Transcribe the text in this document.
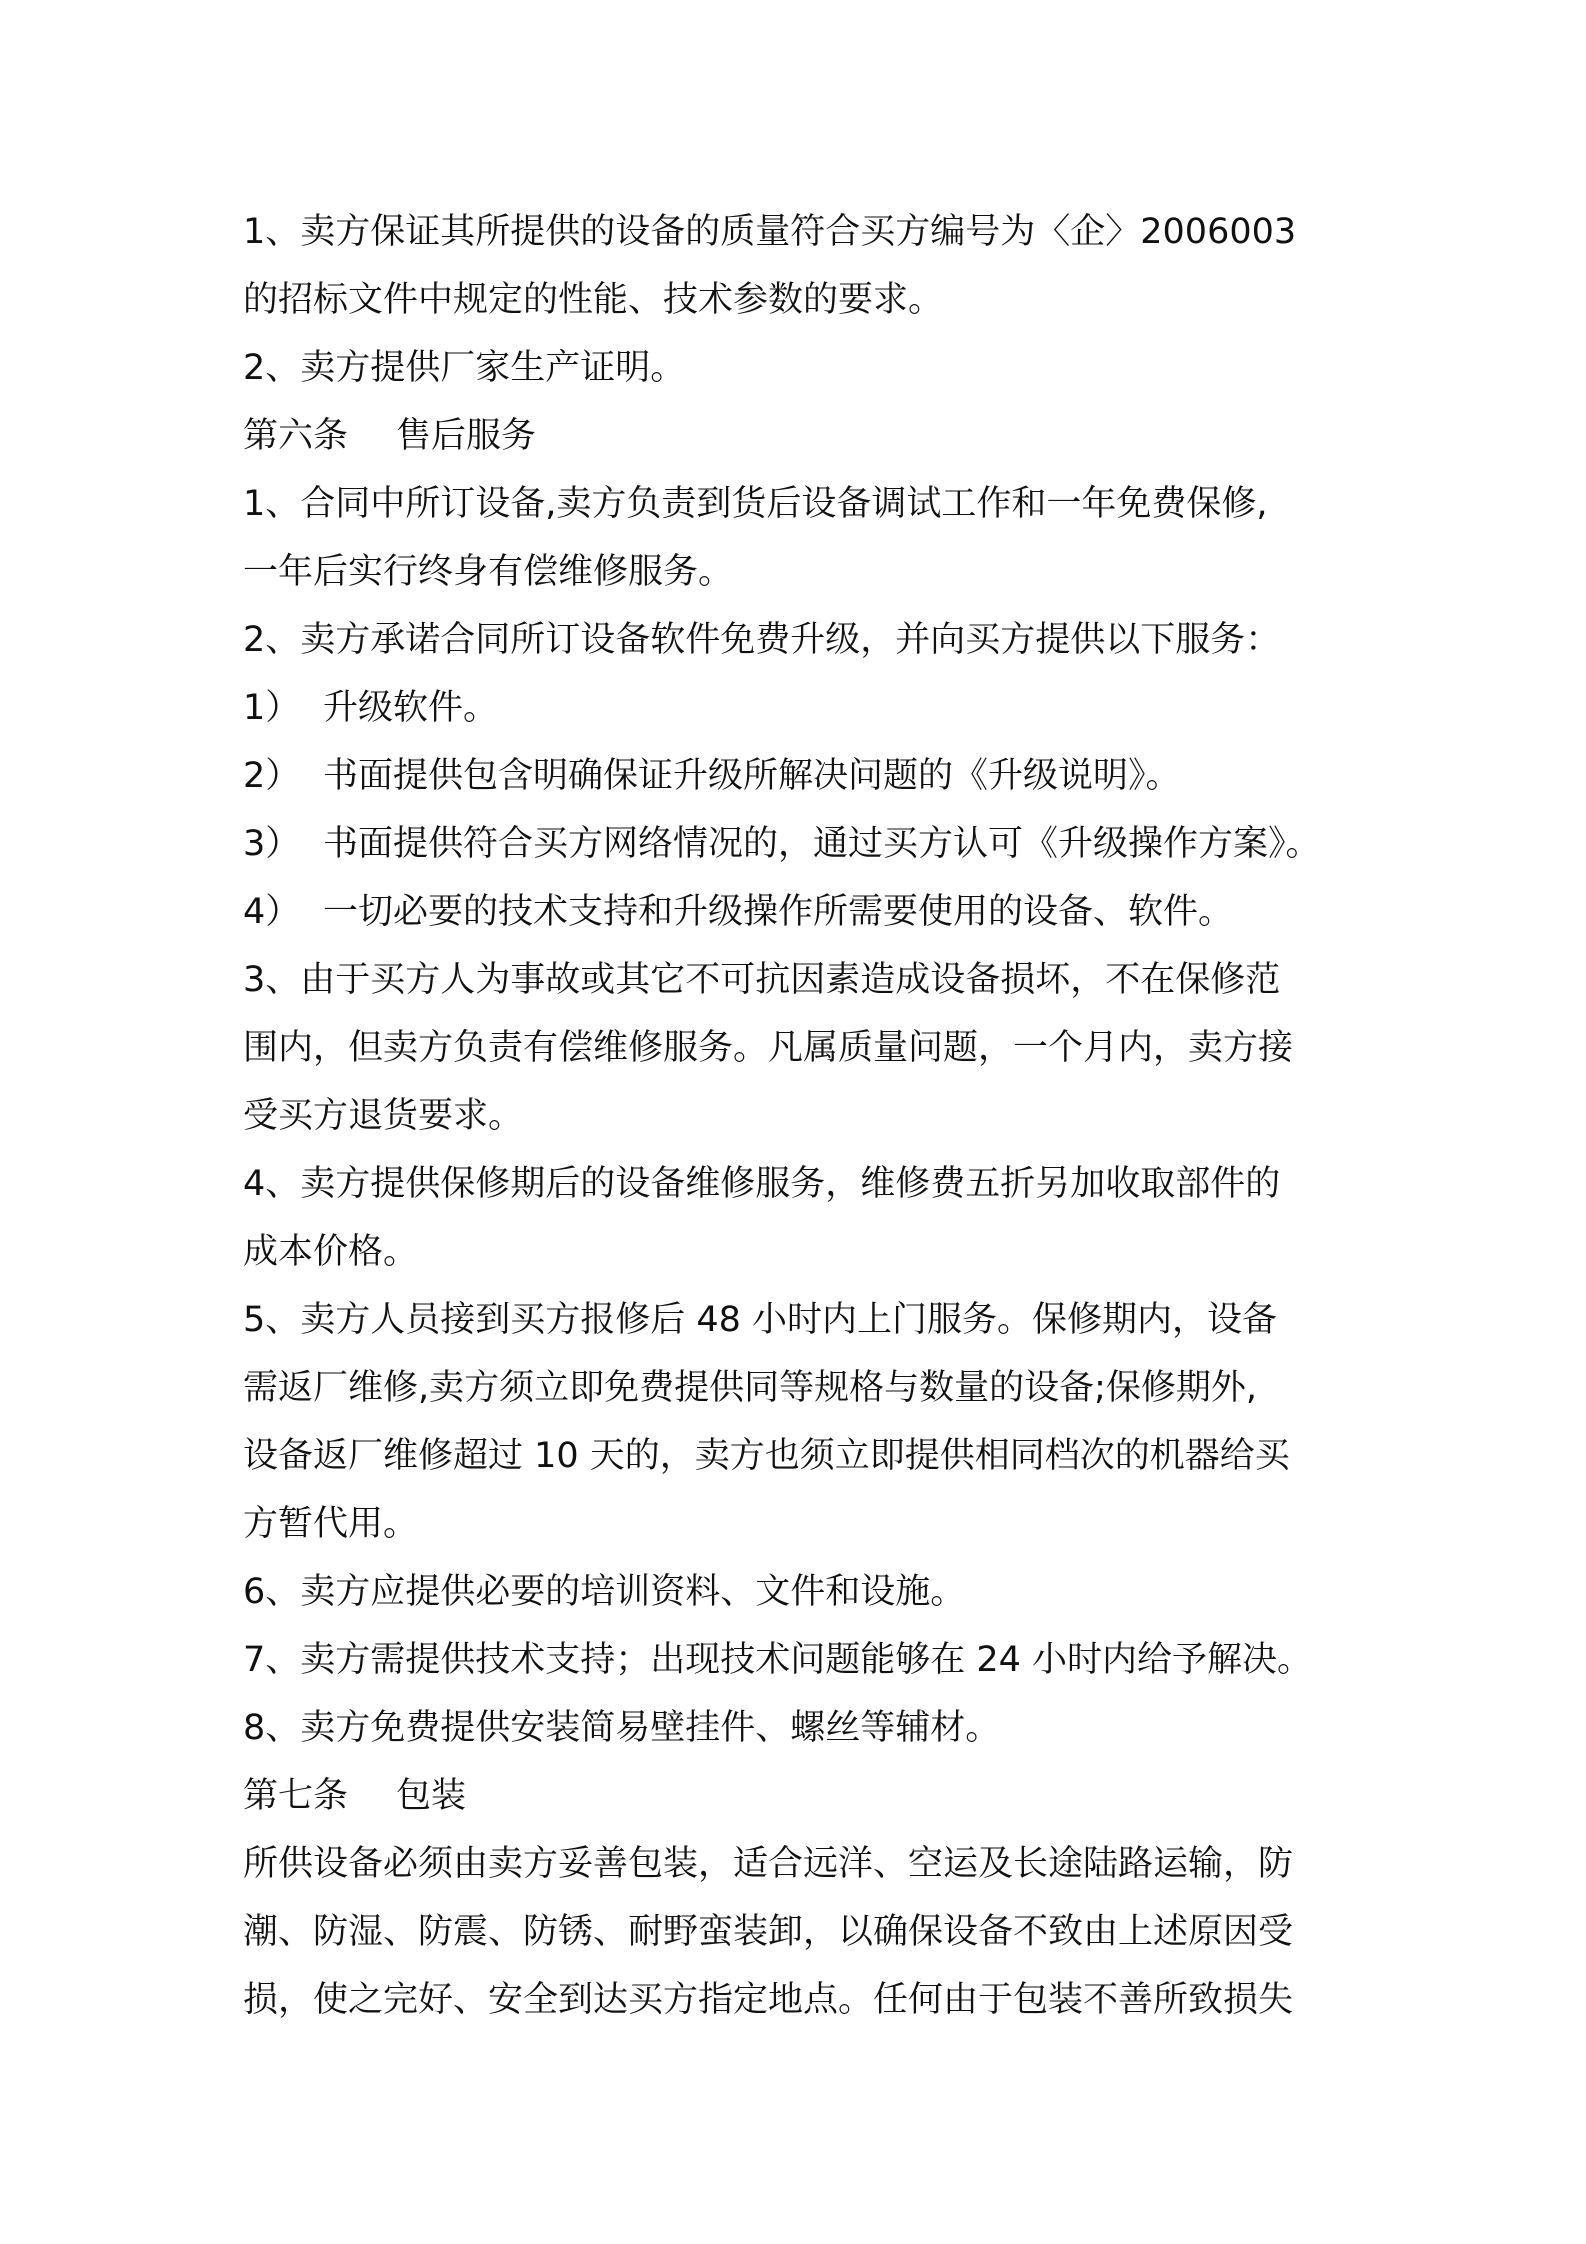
1、卖方保证其所提供的设备的质量符合买方编号为〈企〉2006003

的招标文件中规定的性能、技术参数的要求。

2、卖方提供厂家生产证明。

第六条 售后服务

1、合同中所订设备,卖方负责到货后设备调试工作和一年免费保修,

一年后实行终身有偿维修服务。

2、卖方承诺合同所订设备软件免费升级，并向买方提供以下服务：

1） 升级软件。

2） 书面提供包含明确保证升级所解决问题的《升级说明》。

3） 书面提供符合买方网络情况的，通过买方认可《升级操作方案》。

4） 一切必要的技术支持和升级操作所需要使用的设备、软件。

3、由于买方人为事故或其它不可抗因素造成设备损坏，不在保修范

围内，但卖方负责有偿维修服务。凡属质量问题，一个月内，卖方接

受买方退货要求。

4、卖方提供保修期后的设备维修服务，维修费五折另加收取部件的

成本价格。

5、卖方人员接到买方报修后 48 小时内上门服务。保修期内，设备

需返厂维修,卖方须立即免费提供同等规格与数量的设备;保修期外,

设备返厂维修超过 10 天的，卖方也须立即提供相同档次的机器给买

方暂代用。

6、卖方应提供必要的培训资料、文件和设施。

7、卖方需提供技术支持；出现技术问题能够在 24 小时内给予解决。

8、卖方免费提供安装简易壁挂件、螺丝等辅材。

第七条 包装

所供设备必须由卖方妥善包装，适合远洋、空运及长途陆路运输，防

潮、防湿、防震、防锈、耐野蛮装卸，以确保设备不致由上述原因受

损，使之完好、安全到达买方指定地点。任何由于包装不善所致损失
